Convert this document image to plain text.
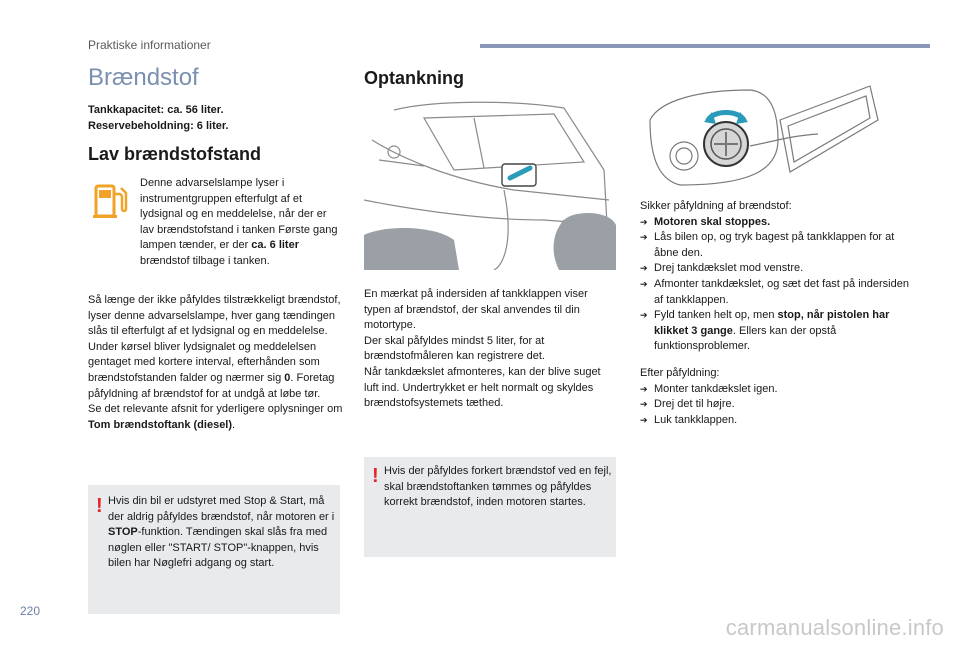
Praktiske informationer
Brændstof
Tankkapacitet: ca. 56 liter.
Reservebeholdning: 6 liter.
Lav brændstofstand
Denne advarselslampe lyser i instrumentgruppen efterfulgt af et lydsignal og en meddelelse, når der er lav brændstofstand i tanken Første gang lampen tænder, er der ca. 6 liter brændstof tilbage i tanken.
Så længe der ikke påfyldes tilstrækkeligt brændstof, lyser denne advarselslampe, hver gang tændingen slås til efterfulgt af et lydsignal og en meddelelse. Under kørsel bliver lydsignalet og meddelelsen gentaget med kortere interval, efterhånden som brændstofstanden falder og nærmer sig 0. Foretag påfyldning af brændstof for at undgå at løbe tør.
Se det relevante afsnit for yderligere oplysninger om Tom brændstoftank (diesel).
! Hvis din bil er udstyret med Stop & Start, må der aldrig påfyldes brændstof, når motoren er i STOP-funktion. Tændingen skal slås fra med nøglen eller "START/ STOP"-knappen, hvis bilen har Nøglefri adgang og start.
Optankning
En mærkat på indersiden af tankklappen viser typen af brændstof, der skal anvendes til din motortype.
Der skal påfyldes mindst 5 liter, for at brændstofmåleren kan registrere det.
Når tankdækslet afmonteres, kan der blive suget luft ind. Undertrykket er helt normalt og skyldes brændstofsystemets tæthed.
! Hvis der påfyldes forkert brændstof ved en fejl, skal brændstoftanken tømmes og påfyldes korrekt brændstof, inden motoren startes.
Sikker påfyldning af brændstof:
➔ Motoren skal stoppes.
➔ Lås bilen op, og tryk bagest på tankklappen for at åbne den.
➔ Drej tankdækslet mod venstre.
➔ Afmonter tankdækslet, og sæt det fast på indersiden af tankklappen.
➔ Fyld tanken helt op, men stop, når pistolen har klikket 3 gange. Ellers kan der opstå funktionsproblemer.
Efter påfyldning:
➔ Monter tankdækslet igen.
➔ Drej det til højre.
➔ Luk tankklappen.
220
carmanualsonline.info
